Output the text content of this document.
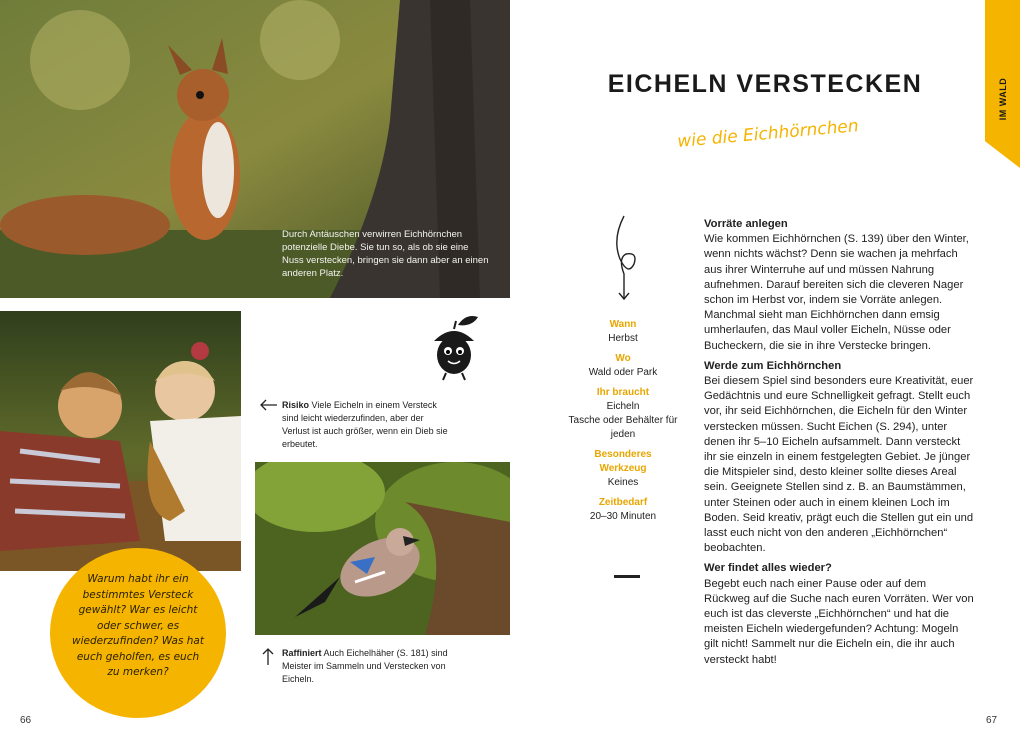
Durch Antäuschen verwirren Eichhörnchen potenzielle Diebe. Sie tun so, als ob sie eine Nuss verstecken, bringen sie dann aber an einen anderen Platz.
Risiko Viele Eicheln in einem Versteck sind leicht wiederzufinden, aber der Verlust ist auch größer, wenn ein Dieb sie erbeutet.
Raffiniert Auch Eichelhäher (S. 181) sind Meister im Sammeln und Verstecken von Eicheln.
Warum habt ihr ein bestimmtes Versteck gewählt? War es leicht oder schwer, es wiederzufinden? Was hat euch geholfen, es euch zu merken?
66
IM WALD
EICHELN VERSTECKEN
wie die Eichhörnchen
Wann
Herbst
Wo
Wald oder Park
Ihr braucht
Eicheln
Tasche oder Behälter für jeden
Besonderes Werkzeug
Keines
Zeitbedarf
20–30 Minuten
Vorräte anlegen

Wie kommen Eichhörnchen (S. 139) über den Winter, wenn nichts wächst? Denn sie wachen ja mehrfach aus ihrer Winterruhe auf und müssen Nahrung aufnehmen. Darauf bereiten sich die cleveren Nager schon im Herbst vor, indem sie Vorräte anlegen. Manchmal sieht man Eichhörnchen dann emsig umherlaufen, das Maul voller Eicheln, Nüsse oder Bucheckern, die sie in ihre Verstecke bringen.

Werde zum Eichhörnchen

Bei diesem Spiel sind besonders eure Kreativität, euer Gedächtnis und eure Schnelligkeit gefragt. Stellt euch vor, ihr seid Eichhörnchen, die Eicheln für den Winter verstecken müssen. Sucht Eichen (S. 294), unter denen ihr 5–10 Eicheln aufsammelt. Dann versteckt ihr sie einzeln in einem festgelegten Gebiet. Je jünger die Mitspieler sind, desto kleiner sollte dieses Areal sein. Geeignete Stellen sind z. B. an Baumstämmen, unter Steinen oder auch in einem kleinen Loch im Boden. Seid kreativ, prägt euch die Stellen gut ein und lasst euch nicht von den anderen „Eichhörnchen“ beobachten.

Wer findet alles wieder?

Begebt euch nach einer Pause oder auf dem Rückweg auf die Suche nach euren Vorräten. Wer von euch ist das cleverste „Eichhörnchen“ und hat die meisten Eicheln wiedergefunden? Achtung: Mogeln gilt nicht! Sammelt nur die Eicheln ein, die ihr auch versteckt habt!

67
